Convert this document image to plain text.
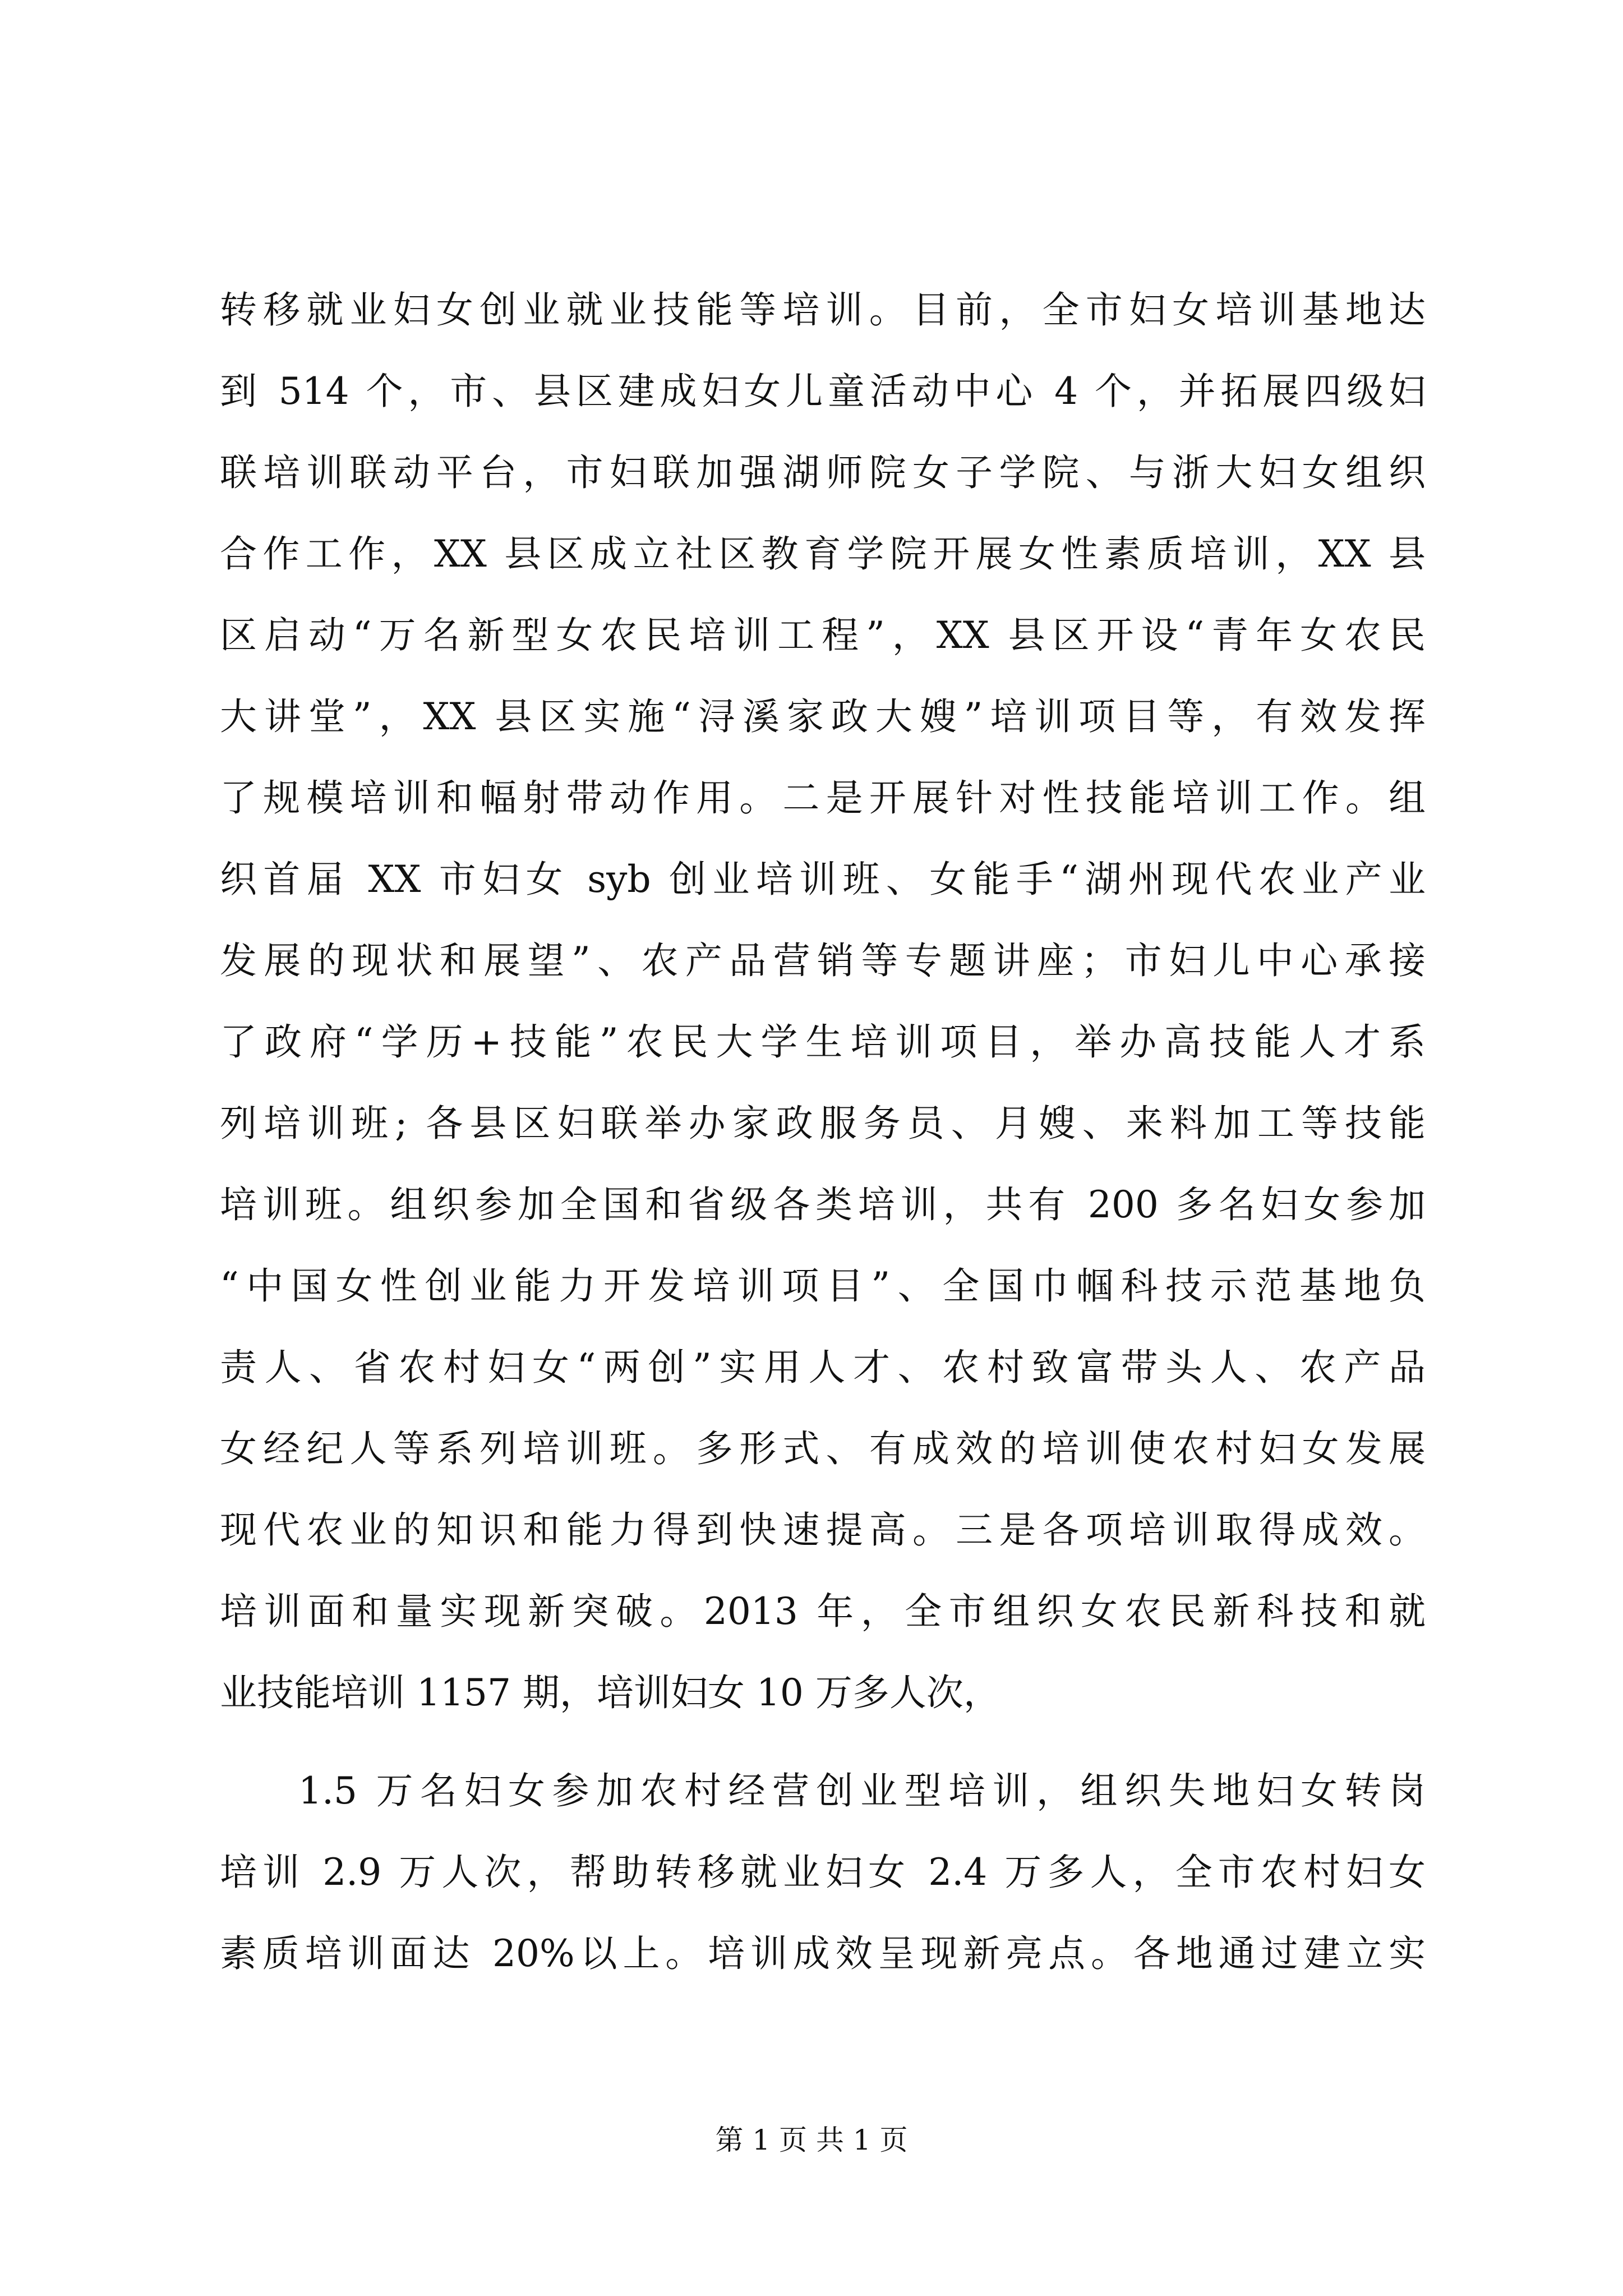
转移就业妇女创业就业技能等培训。目前，全市妇女培训基地达
到 514 个，市、县区建成妇女儿童活动中心 4 个，并拓展四级妇
联培训联动平台，市妇联加强湖师院女子学院、与浙大妇女组织
合作工作，XX 县区成立社区教育学院开展女性素质培训，XX 县
区启动“万名新型女农民培训工程”，XX 县区开设“青年女农民
大讲堂”，XX 县区实施“浔溪家政大嫂”培训项目等，有效发挥
了规模培训和幅射带动作用。二是开展针对性技能培训工作。组
织首届 XX 市妇女 syb 创业培训班、女能手“湖州现代农业产业
发展的现状和展望”、农产品营销等专题讲座；市妇儿中心承接
了政府“学历+技能”农民大学生培训项目，举办高技能人才系
列培训班; 各县区妇联举办家政服务员、月嫂、来料加工等技能
培训班。组织参加全国和省级各类培训，共有 200 多名妇女参加
“中国女性创业能力开发培训项目”、全国巾帼科技示范基地负
责人、省农村妇女“两创”实用人才、农村致富带头人、农产品
女经纪人等系列培训班。多形式、有成效的培训使农村妇女发展
现代农业的知识和能力得到快速提高。三是各项培训取得成效。
培训面和量实现新突破。2013 年，全市组织女农民新科技和就
业技能培训 1157 期，培训妇女 10 万多人次，
1.5 万名妇女参加农村经营创业型培训，组织失地妇女转岗
培训 2.9 万人次，帮助转移就业妇女 2.4 万多人，全市农村妇女
素质培训面达 20%以上。培训成效呈现新亮点。各地通过建立实
第 1 页 共 1 页
